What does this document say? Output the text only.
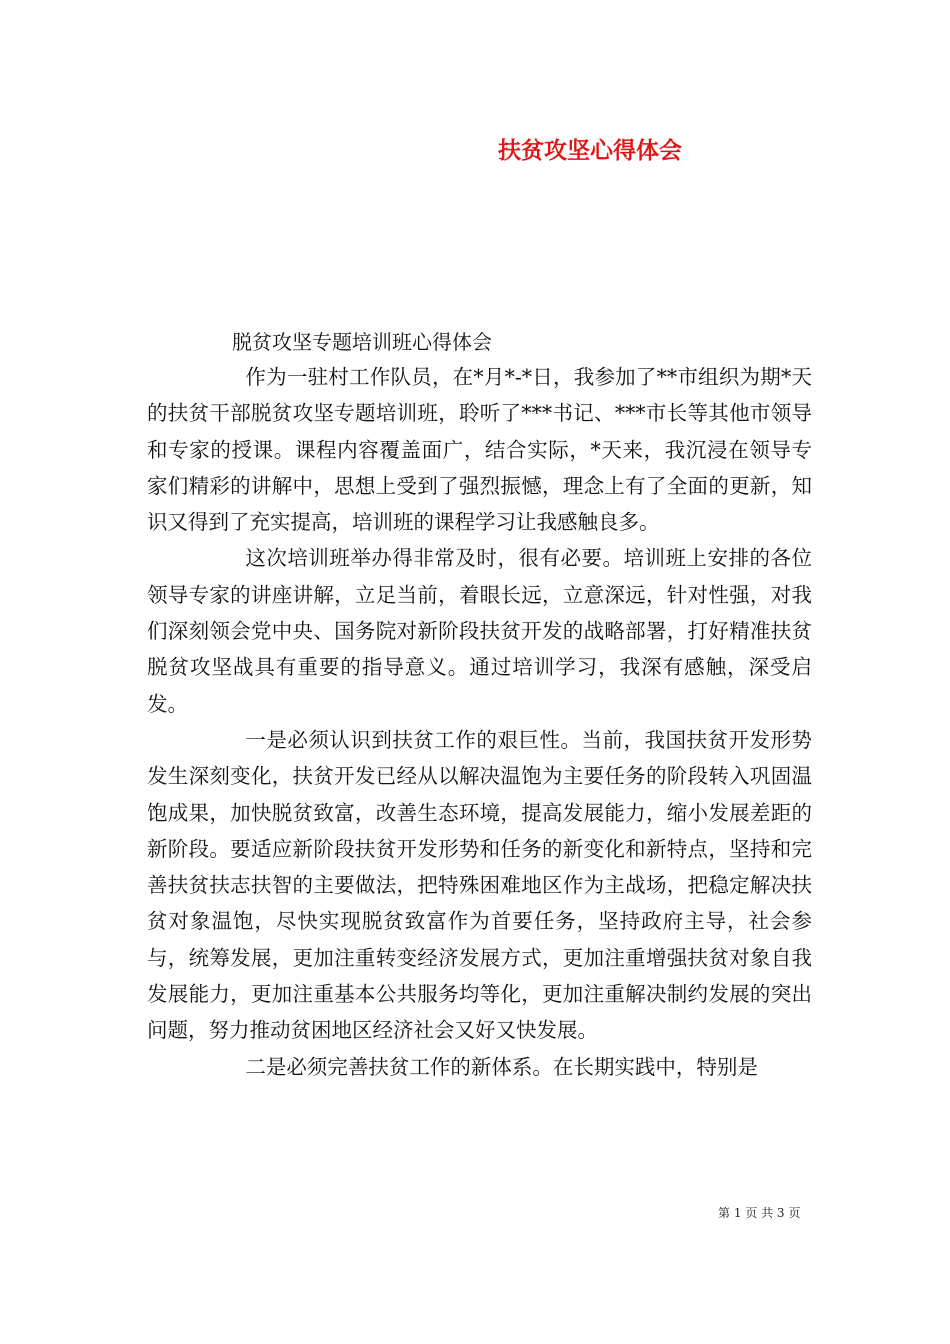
扶贫攻坚心得体会
脱贫攻坚专题培训班心得体会

作为一驻村工作队员，在*月*-*日，我参加了**市组织为期*天的扶贫干部脱贫攻坚专题培训班，聆听了***书记、***市长等其他市领导和专家的授课。课程内容覆盖面广，结合实际，*天来，我沉浸在领导专家们精彩的讲解中，思想上受到了强烈振憾，理念上有了全面的更新，知识又得到了充实提高，培训班的课程学习让我感触良多。

这次培训班举办得非常及时，很有必要。培训班上安排的各位领导专家的讲座讲解，立足当前，着眼长远，立意深远，针对性强，对我们深刻领会党中央、国务院对新阶段扶贫开发的战略部署，打好精准扶贫脱贫攻坚战具有重要的指导意义。通过培训学习，我深有感触，深受启发。

一是必须认识到扶贫工作的艰巨性。当前，我国扶贫开发形势发生深刻变化，扶贫开发已经从以解决温饱为主要任务的阶段转入巩固温饱成果，加快脱贫致富，改善生态环境，提高发展能力，缩小发展差距的新阶段。要适应新阶段扶贫开发形势和任务的新变化和新特点，坚持和完善扶贫扶志扶智的主要做法，把特殊困难地区作为主战场，把稳定解决扶贫对象温饱，尽快实现脱贫致富作为首要任务，坚持政府主导，社会参与，统筹发展，更加注重转变经济发展方式，更加注重增强扶贫对象自我发展能力，更加注重基本公共服务均等化，更加注重解决制约发展的突出问题，努力推动贫困地区经济社会又好又快发展。

二是必须完善扶贫工作的新体系。在长期实践中，特别是

第 1 页 共 3 页
